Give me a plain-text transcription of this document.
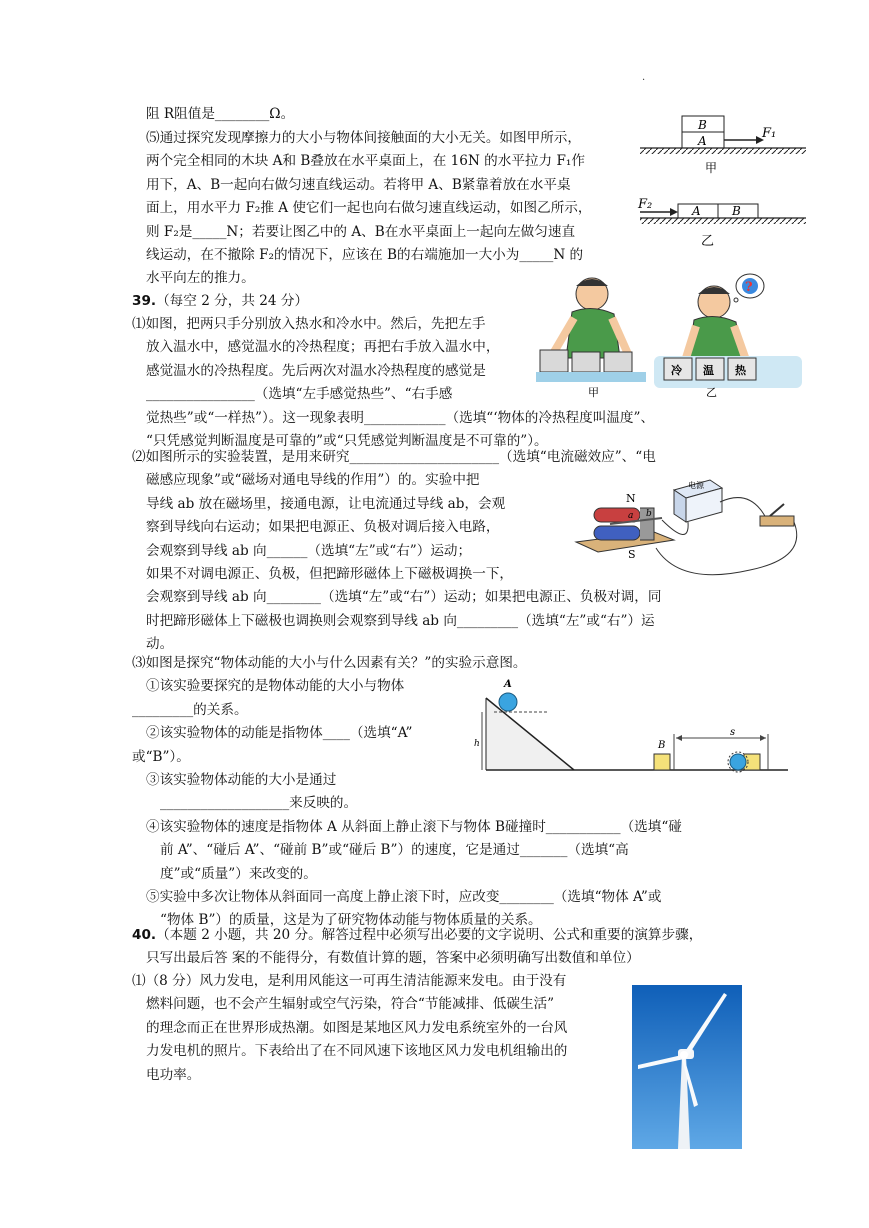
.
阻 R阻值是________Ω。
⑸通过探究发现摩擦力的大小与物体间接触面的大小无关。如图甲所示，
两个完全相同的木块 A和 B叠放在水平桌面上，在 16N 的水平拉力 F₁作
用下，A、B一起向右做匀速直线运动。若将甲 A、B紧靠着放在水平桌
面上，用水平力 F₂推 A 使它们一起也向右做匀速直线运动，如图乙所示，
则 F₂是_____N；若要让图乙中的 A、B在水平桌面上一起向左做匀速直
线运动，在不撤除 F₂的情况下，应该在 B的右端施加一大小为_____N 的
水平向左的推力。
B
A	F₁
甲
F₂	A	B
乙
39.（每空 2 分，共 24 分）
⑴如图，把两只手分别放入热水和冷水中。然后，先把左手
放入温水中，感觉温水的冷热程度；再把右手放入温水中，
感觉温水的冷热程度。先后两次对温水冷热程度的感觉是
________________（选填“左手感觉热些”、“右手感
觉热些”或“一样热”）。这一现象表明____________（选填“‘物体的冷热程度叫温度”、
“只凭感觉判断温度是可靠的”或“只凭感觉判断温度是不可靠的”）。
甲
?
冷 温 热
乙
⑵如图所示的实验装置，是用来研究______________________（选填“电流磁效应”、“电
磁感应现象”或“磁场对通电导线的作用”）的。实验中把
导线 ab 放在磁场里，接通电源，让电流通过导线 ab，会观
察到导线向右运动；如果把电源正、负极对调后接入电路，
会观察到导线 ab 向______（选填“左”或“右”）运动；
如果不对调电源正、负极，但把蹄形磁体上下磁极调换一下，
会观察到导线 ab 向________（选填“左”或“右”）运动；如果把电源正、负极对调，同
时把蹄形磁体上下磁极也调换则会观察到导线 ab 向_________（选填“左”或“右”）运
动。
N
S
a b
电源
⑶如图是探究“物体动能的大小与什么因素有关？”的实验示意图。
①该实验要探究的是物体动能的大小与物体
_________的关系。
②该实验物体的动能是指物体____（选填“A”
或“B”）。
③该实验物体动能的大小是通过
___________________来反映的。
④该实验物体的速度是指物体 A 从斜面上静止滚下与物体 B碰撞时___________（选填“碰
前 A”、“碰后 A”、“碰前 B”或“碰后 B”）的速度，它是通过_______（选填“高
度”或“质量”）来改变的。
⑤实验中多次让物体从斜面同一高度上静止滚下时，应改变________（选填“物体 A”或
“物体 B”）的质量，这是为了研究物体动能与物体质量的关系。
A
h	B
s
40.（本题 2 小题，共 20 分。解答过程中必须写出必要的文字说明、公式和重要的演算步骤，
只写出最后答 案的不能得分，有数值计算的题，答案中必须明确写出数值和单位）
⑴（8 分）风力发电，是利用风能这一可再生清洁能源来发电。由于没有
燃料问题，也不会产生辐射或空气污染，符合“节能减排、低碳生活”
的理念而正在世界形成热潮。如图是某地区风力发电系统室外的一台风
力发电机的照片。下表给出了在不同风速下该地区风力发电机组输出的
电功率。
